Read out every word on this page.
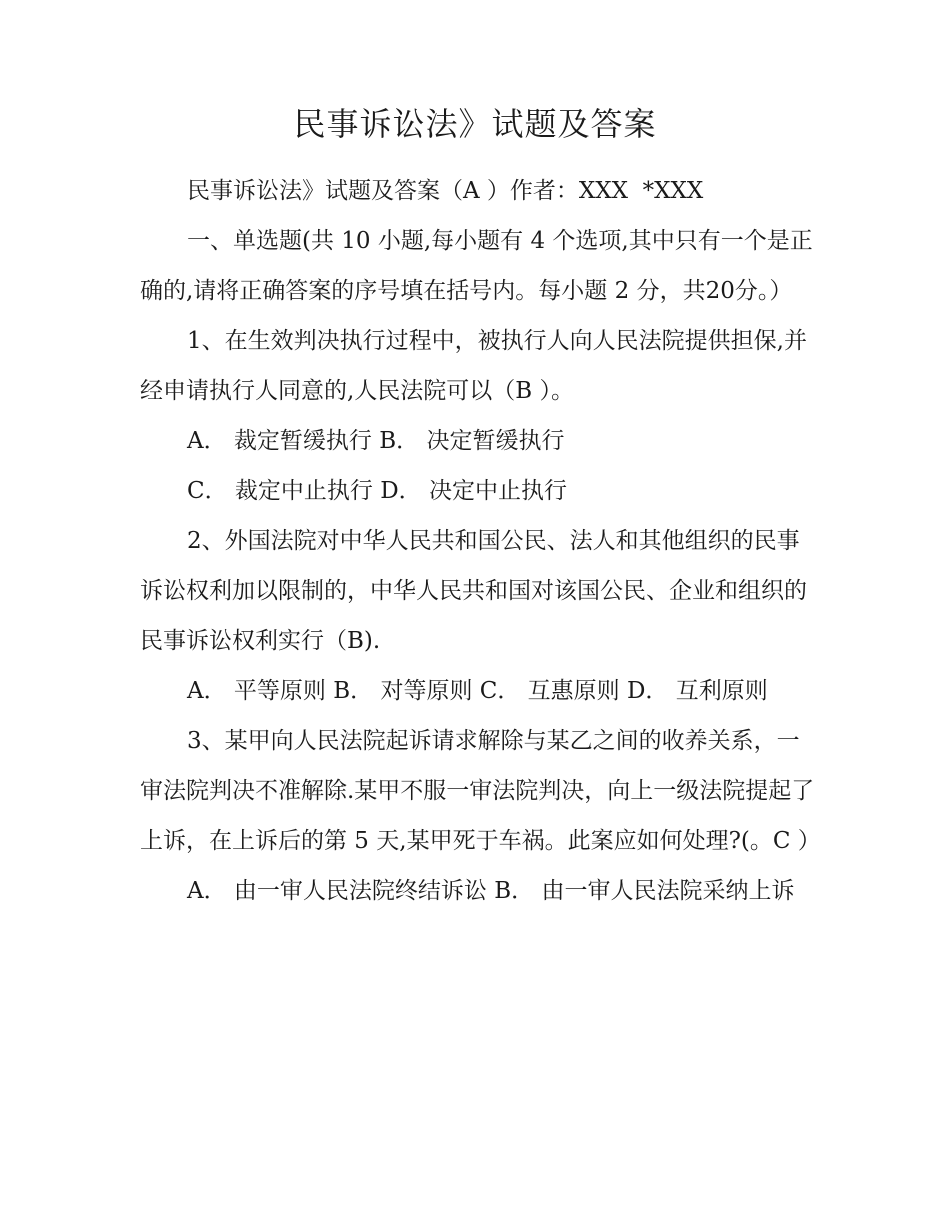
民事诉讼法》试题及答案

民事诉讼法》试题及答案（A ）作者：XXX  *XXX

一、单选题(共 10 小题,每小题有 4 个选项,其中只有一个是正确的,请将正确答案的序号填在括号内。每小题 2 分，共20分。）

1、在生效判决执行过程中，被执行人向人民法院提供担保,并经申请执行人同意的,人民法院可以（B ）。

A． 裁定暂缓执行 B． 决定暂缓执行

C． 裁定中止执行 D． 决定中止执行

2、外国法院对中华人民共和国公民、法人和其他组织的民事诉讼权利加以限制的，中华人民共和国对该国公民、企业和组织的民事诉讼权利实行（B).

A． 平等原则 B． 对等原则 C． 互惠原则 D． 互利原则

3、某甲向人民法院起诉请求解除与某乙之间的收养关系，一审法院判决不准解除.某甲不服一审法院判决，向上一级法院提起了上诉，在上诉后的第 5 天,某甲死于车祸。此案应如何处理?(。C ）

A． 由一审人民法院终结诉讼 B． 由一审人民法院采纳上诉
